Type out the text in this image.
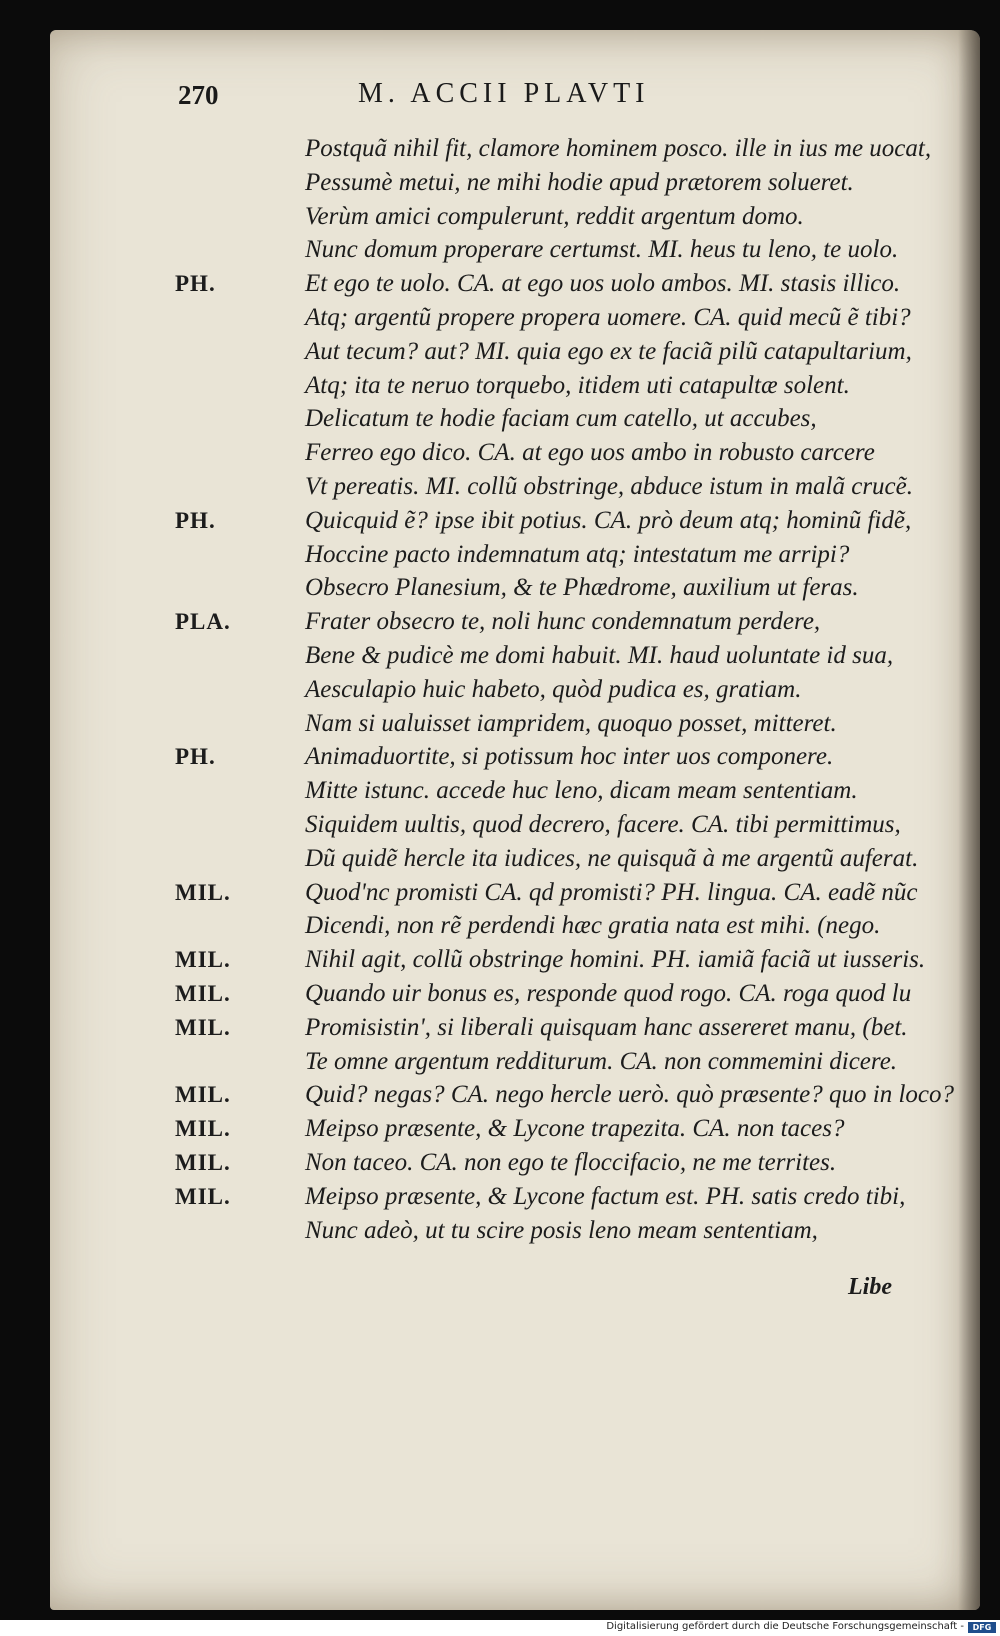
270	M. ACCII PLAVTI
Postquã nihil fit, clamore hominem posco. ille in ius me uocat,
Pessumè metui, ne mihi hodie apud prætorem solueret.
Verùm amici compulerunt, reddit argentum domo.
Nunc domum properare certumst. MI. heus tu leno, te uolo.
PH.	Et ego te uolo. CA. at ego uos uolo ambos. MI. stasis illico.
Atq; argentũ propere propera uomere. CA. quid mecũ ẽ tibi?
Aut tecum? aut? MI. quia ego ex te faciã pilũ catapultarium,
Atq; ita te neruo torquebo, itidem uti catapultæ solent.
Delicatum te hodie faciam cum catello, ut accubes,
Ferreo ego dico. CA. at ego uos ambo in robusto carcere
Vt pereatis. MI. collũ obstringe, abduce istum in malã crucẽ.
PH.	Quicquid ẽ? ipse ibit potius. CA. prò deum atq; hominũ fidẽ,
Hoccine pacto indemnatum atq; intestatum me arripi?
Obsecro Planesium, & te Phædrome, auxilium ut feras.
PLA.	Frater obsecro te, noli hunc condemnatum perdere,
Bene & pudicè me domi habuit. MI. haud uoluntate id sua,
Aesculapio huic habeto, quòd pudica es, gratiam.
Nam si ualuisset iampridem, quoquo posset, mitteret.
PH.	Animaduortite, si potissum hoc inter uos componere.
Mitte istunc. accede huc leno, dicam meam sententiam.
Siquidem uultis, quod decrero, facere. CA. tibi permittimus,
Dũ quidẽ hercle ita iudices, ne quisquã à me argentũ auferat.
MIL.	Quod'nc promisti CA. qd promisti? PH. lingua. CA. eadẽ nũc
Dicendi, non rẽ perdendi hæc gratia nata est mihi. (nego.
MIL.	Nihil agit, collũ obstringe homini. PH. iamiã faciã ut iusseris.
MIL.	Quando uir bonus es, responde quod rogo. CA. roga quod lu
MIL.	Promisistin', si liberali quisquam hanc assereret manu, (bet.
Te omne argentum redditurum. CA. non commemini dicere.
MIL.	Quid? negas? CA. nego hercle uerò. quò præsente? quo in loco?
MIL.	Meipso præsente, & Lycone trapezita. CA. non taces?
MIL.	Non taceo. CA. non ego te floccifacio, ne me territes.
MIL.	Meipso præsente, & Lycone factum est. PH. satis credo tibi,
Nunc adeò, ut tu scire posis leno meam sententiam,
Libe
Digitalisierung gefördert durch die Deutsche Forschungsgemeinschaft -	DFG
